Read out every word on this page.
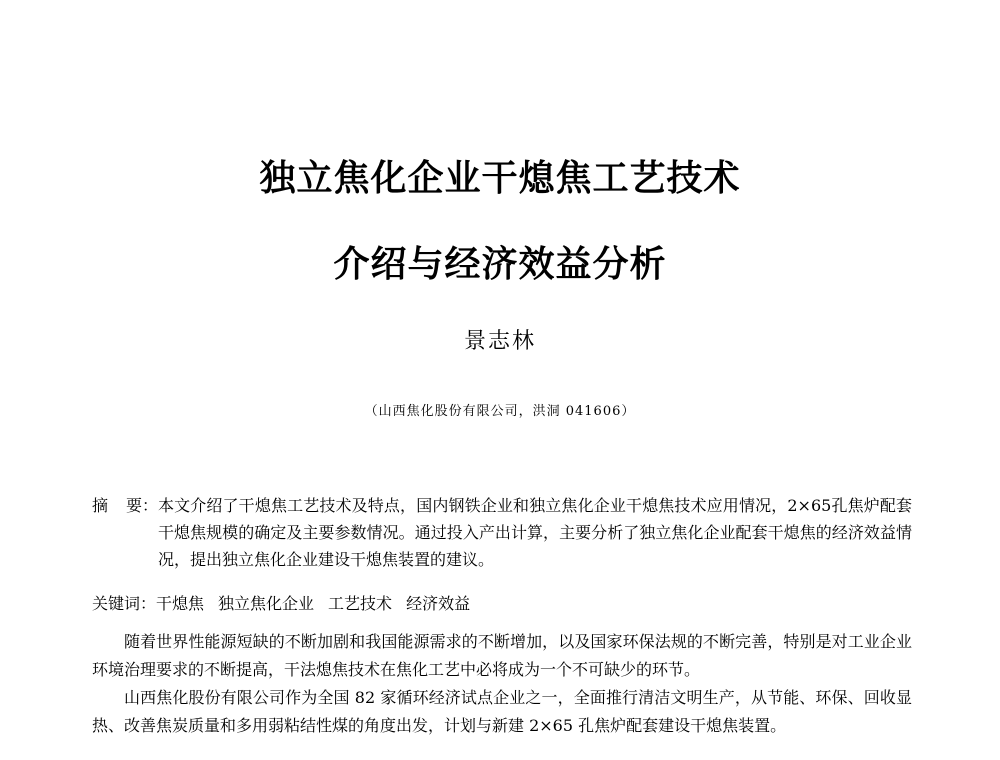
独立焦化企业干熄焦工艺技术
介绍与经济效益分析
景志林
（山西焦化股份有限公司，洪洞 041606）
摘 要： 本文介绍了干熄焦工艺技术及特点，国内钢铁企业和独立焦化企业干熄焦技术应用情况，2×65孔焦炉配套干熄焦规模的确定及主要参数情况。通过投入产出计算，主要分析了独立焦化企业配套干熄焦的经济效益情况，提出独立焦化企业建设干熄焦装置的建议。
关键词：干熄焦 独立焦化企业 工艺技术 经济效益
随着世界性能源短缺的不断加剧和我国能源需求的不断增加，以及国家环保法规的不断完善，特别是对工业企业环境治理要求的不断提高，干法熄焦技术在焦化工艺中必将成为一个不可缺少的环节。
山西焦化股份有限公司作为全国 82 家循环经济试点企业之一，全面推行清洁文明生产，从节能、环保、回收显热、改善焦炭质量和多用弱粘结性煤的角度出发，计划与新建 2×65 孔焦炉配套建设干熄焦装置。
